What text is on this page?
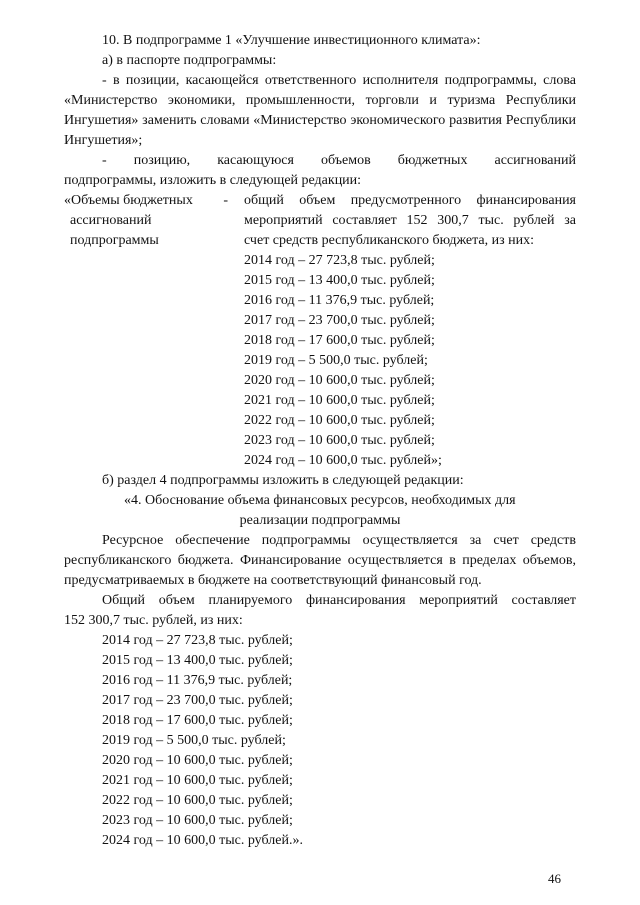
10. В подпрограмме 1 «Улучшение инвестиционного климата»:

а) в паспорте подпрограммы:

- в позиции, касающейся ответственного исполнителя подпрограммы, слова «Министерство экономики, промышленности, торговли и туризма Республики Ингушетия» заменить словами «Министерство экономического развития Республики Ингушетия»;

- позицию, касающуюся объемов бюджетных ассигнований

подпрограммы, изложить в следующей редакции:

«Объемы бюджетных -

ассигнований

подпрограммы

общий объем предусмотренного финансирования

мероприятий составляет 152 300,7 тыс. рублей за

счет средств республиканского бюджета, из них:

2014 год – 27 723,8 тыс. рублей;

2015 год – 13 400,0 тыс. рублей;

2016 год – 11 376,9 тыс. рублей;

2017 год – 23 700,0 тыс. рублей;

2018 год – 17 600,0 тыс. рублей;

2019 год – 5 500,0 тыс. рублей;

2020 год – 10 600,0 тыс. рублей;

2021 год – 10 600,0 тыс. рублей;

2022 год – 10 600,0 тыс. рублей;

2023 год – 10 600,0 тыс. рублей;

2024 год – 10 600,0 тыс. рублей»;

б) раздел 4 подпрограммы изложить в следующей редакции:

«4. Обоснование объема финансовых ресурсов, необходимых для

реализации подпрограммы

Ресурсное обеспечение подпрограммы осуществляется за счет средств республиканского бюджета. Финансирование осуществляется в пределах объемов, предусматриваемых в бюджете на соответствующий финансовый год.

Общий объем планируемого финансирования мероприятий составляет

152 300,7 тыс. рублей, из них:

2014 год – 27 723,8 тыс. рублей;

2015 год – 13 400,0 тыс. рублей;

2016 год – 11 376,9 тыс. рублей;

2017 год – 23 700,0 тыс. рублей;

2018 год – 17 600,0 тыс. рублей;

2019 год – 5 500,0 тыс. рублей;

2020 год – 10 600,0 тыс. рублей;

2021 год – 10 600,0 тыс. рублей;

2022 год – 10 600,0 тыс. рублей;

2023 год – 10 600,0 тыс. рублей;

2024 год – 10 600,0 тыс. рублей.».

46
